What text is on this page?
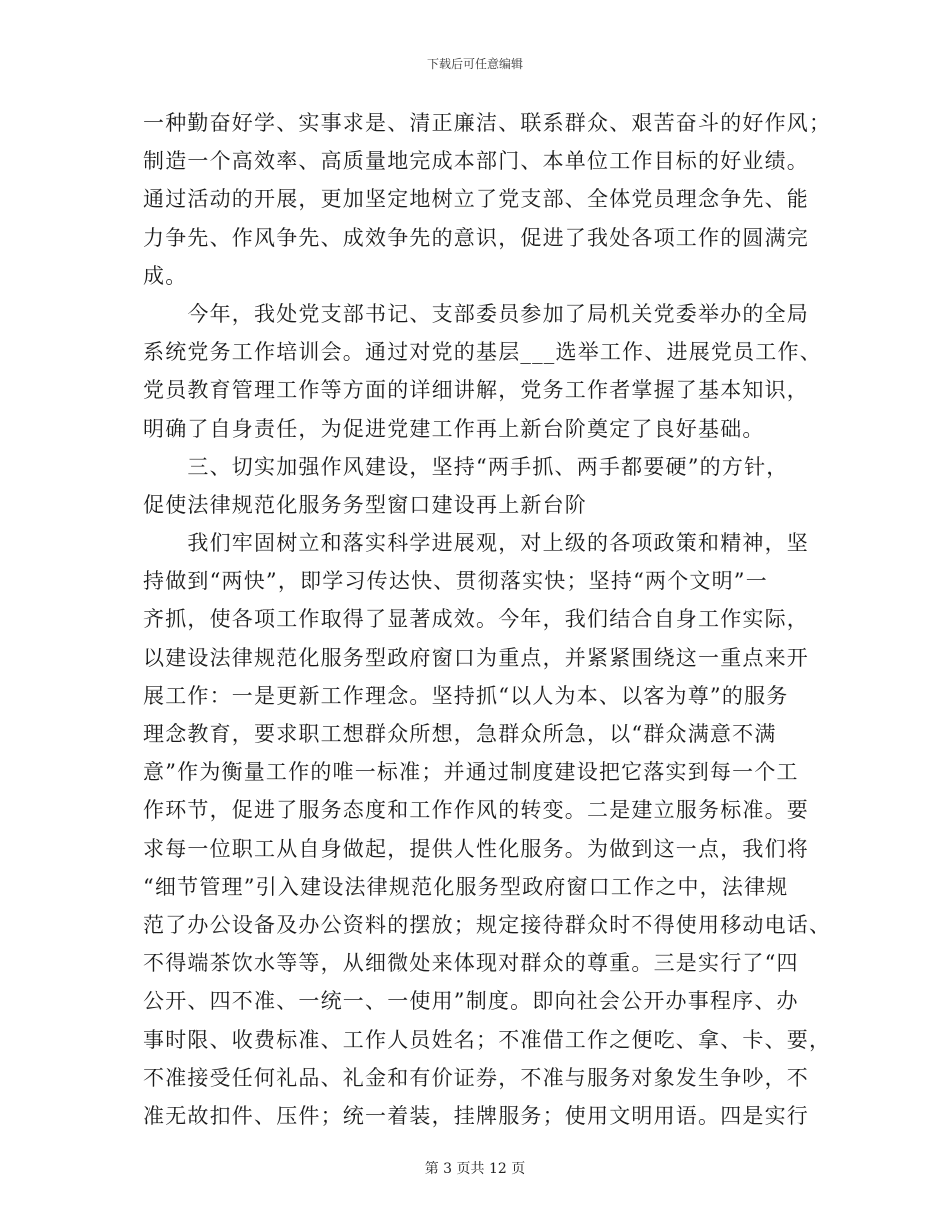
下载后可任意编辑
一种勤奋好学、实事求是、清正廉洁、联系群众、艰苦奋斗的好作风；
制造一个高效率、高质量地完成本部门、本单位工作目标的好业绩。
通过活动的开展，更加坚定地树立了党支部、全体党员理念争先、能
力争先、作风争先、成效争先的意识，促进了我处各项工作的圆满完
成。
　　今年，我处党支部书记、支部委员参加了局机关党委举办的全局
系统党务工作培训会。通过对党的基层___选举工作、进展党员工作、
党员教育管理工作等方面的详细讲解，党务工作者掌握了基本知识，
明确了自身责任，为促进党建工作再上新台阶奠定了良好基础。
　　三、切实加强作风建设，坚持“两手抓、两手都要硬”的方针，
促使法律规范化服务务型窗口建设再上新台阶
　　我们牢固树立和落实科学进展观，对上级的各项政策和精神，坚
持做到“两快”，即学习传达快、贯彻落实快；坚持“两个文明”一
齐抓，使各项工作取得了显著成效。今年，我们结合自身工作实际，
以建设法律规范化服务型政府窗口为重点，并紧紧围绕这一重点来开
展工作：一是更新工作理念。坚持抓“以人为本、以客为尊”的服务
理念教育，要求职工想群众所想，急群众所急，以“群众满意不满
意”作为衡量工作的唯一标准；并通过制度建设把它落实到每一个工
作环节，促进了服务态度和工作作风的转变。二是建立服务标准。要
求每一位职工从自身做起，提供人性化服务。为做到这一点，我们将
“细节管理”引入建设法律规范化服务型政府窗口工作之中，法律规
范了办公设备及办公资料的摆放；规定接待群众时不得使用移动电话、
不得端茶饮水等等，从细微处来体现对群众的尊重。三是实行了“四
公开、四不准、一统一、一使用”制度。即向社会公开办事程序、办
事时限、收费标准、工作人员姓名；不准借工作之便吃、拿、卡、要，
不准接受任何礼品、礼金和有价证券，不准与服务对象发生争吵，不
准无故扣件、压件；统一着装，挂牌服务；使用文明用语。四是实行
第 3 页共 12 页
